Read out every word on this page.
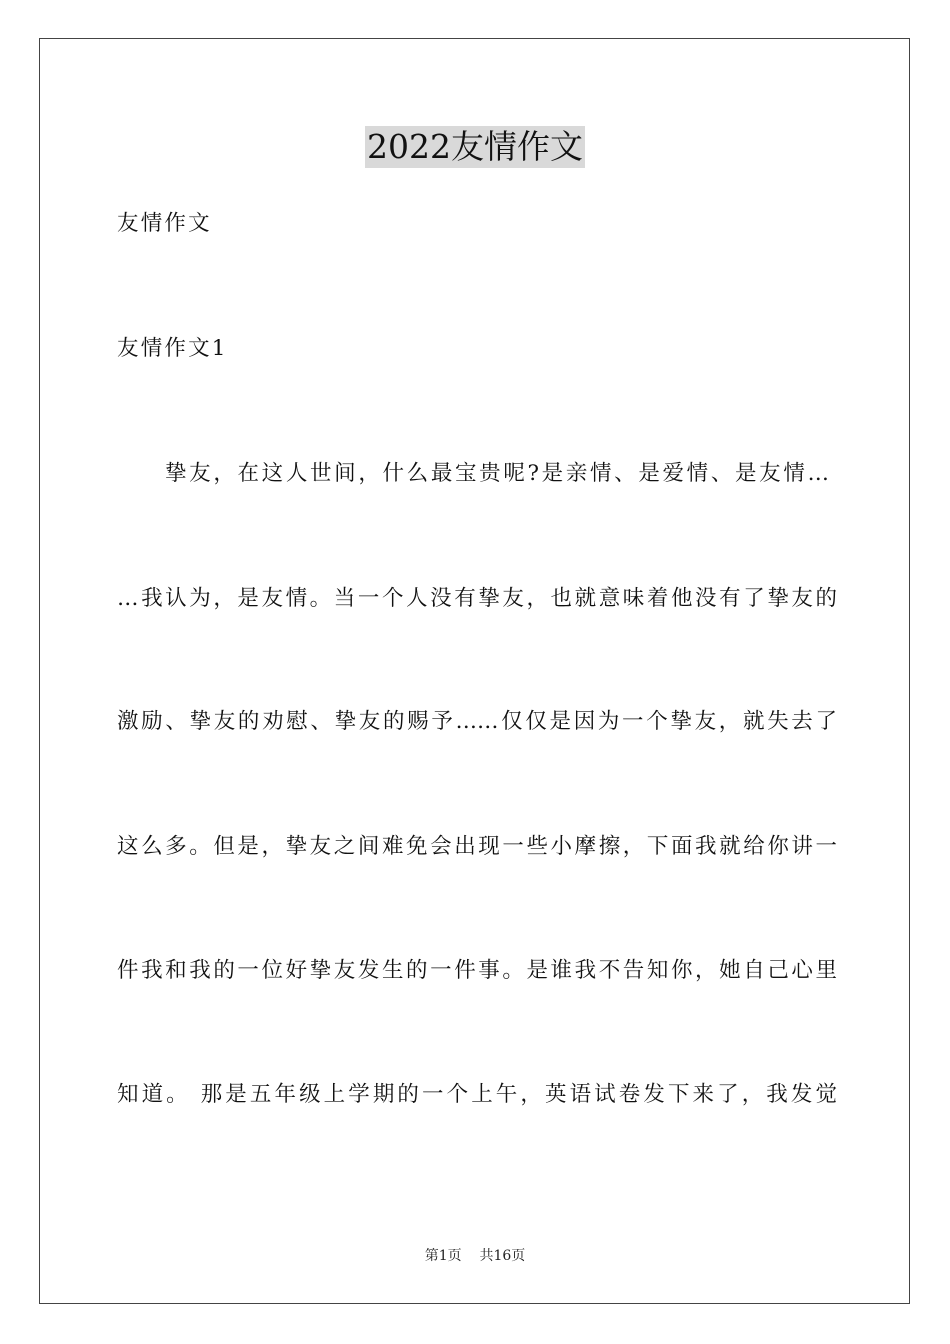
2022友情作文
友情作文
友情作文1
挚友，在这人世间，什么最宝贵呢?是亲情、是爱情、是友情…
…我认为，是友情。当一个人没有挚友，也就意味着他没有了挚友的
激励、挚友的劝慰、挚友的赐予……仅仅是因为一个挚友，就失去了
这么多。但是，挚友之间难免会出现一些小摩擦，下面我就给你讲一
件我和我的一位好挚友发生的一件事。是谁我不告知你，她自己心里
知道。 那是五年级上学期的一个上午，英语试卷发下来了，我发觉
第1页    共16页
